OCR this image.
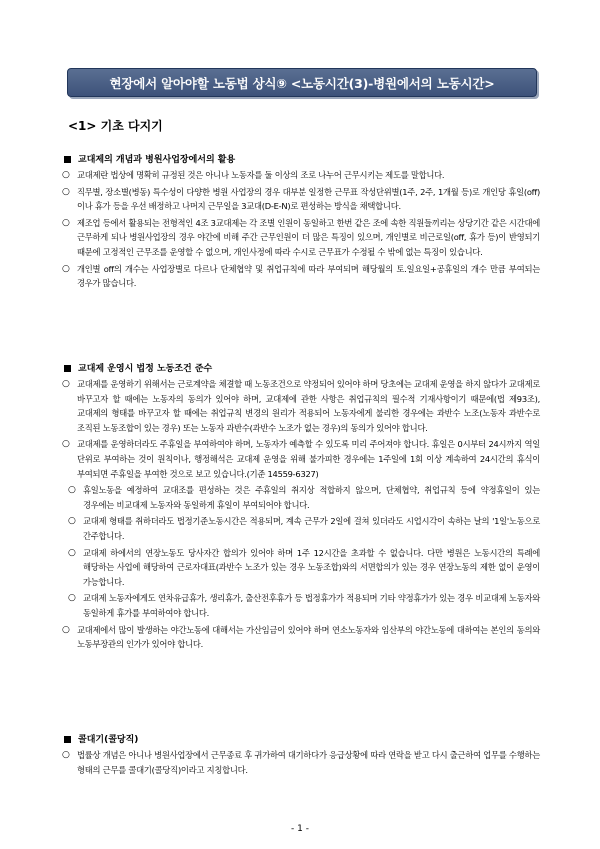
현장에서 알아야할 노동법 상식⑨ <노동시간(3)-병원에서의 노동시간>
<1> 기초 다지기
교대제의 개념과 병원사업장에서의 활용
○ 교대제란 법상에 명확히 규정된 것은 아니나 노동자를 둘 이상의 조로 나누어 근무시키는 제도를 말합니다.
○ 직무별, 장소별(병동) 특수성이 다양한 병원 사업장의 경우 대부분 일정한 근무표 작성단위별(1주, 2주, 1개월 등)로 개인당 휴일(off)이나 휴가 등을 우선 배정하고 나머지 근무일을 3교대(D-E-N)로 편성하는 방식을 채택합니다.
○ 제조업 등에서 활용되는 전형적인 4조 3교대제는 각 조별 인원이 동일하고 한번 같은 조에 속한 직원들끼리는 상당기간 같은 시간대에 근무하게 되나 병원사업장의 경우 야간에 비해 주간 근무인원이 더 많은 특징이 있으며, 개인별로 비근로일(off, 휴가 등)이 반영되기 때문에 고정적인 근무조를 운영할 수 없으며, 개인사정에 따라 수시로 근무표가 수정될 수 밖에 없는 특징이 있습니다.
○ 개인별 off의 개수는 사업장별로 다르나 단체협약 및 취업규칙에 따라 부여되며 해당월의 토.일요일+공휴일의 개수 만큼 부여되는 경우가 많습니다.
교대제 운영시 법정 노동조건 준수
○ 교대제를 운영하기 위해서는 근로계약을 체결할 때 노동조건으로 약정되어 있어야 하며 당초에는 교대제 운영을 하지 않다가 교대제로 바꾸고자 할 때에는 노동자의 동의가 있어야 하며, 교대제에 관한 사항은 취업규칙의 필수적 기재사항이기 때문에(법 제93조), 교대제의 형태를 바꾸고자 할 때에는 취업규칙 변경의 원리가 적용되어 노동자에게 불리한 경우에는 과반수 노조(노동자 과반수로 조직된 노동조합이 있는 경우) 또는 노동자 과반수(과반수 노조가 없는 경우)의 동의가 있어야 합니다.
○ 교대제를 운영하더라도 주휴일을 부여하여야 하며, 노동자가 예측할 수 있도록 미리 주어져야 합니다. 휴일은 0시부터 24시까지 역일 단위로 부여하는 것이 원칙이나, 행정해석은 교대제 운영을 위해 불가피한 경우에는 1주일에 1회 이상 계속하여 24시간의 휴식이 부여되면 주휴일을 부여한 것으로 보고 있습니다.(기준 14559-6327)
○ 휴일노동을 예정하여 교대조를 편성하는 것은 주휴일의 취지상 적합하지 않으며, 단체협약, 취업규칙 등에 약정휴일이 있는 경우에는 비교대제 노동자와 동일하게 휴일이 부여되어야 합니다.
○ 교대제 형태를 취하더라도 법정기준노동시간은 적용되며, 계속 근무가 2일에 걸쳐 있더라도 시업시각이 속하는 날의 '1일'노동으로 간주합니다.
○ 교대제 하에서의 연장노동도 당사자간 합의가 있어야 하며 1주 12시간을 초과할 수 없습니다. 다만 병원은 노동시간의 특례에 해당하는 사업에 해당하여 근로자대표(과반수 노조가 있는 경우 노동조합)와의 서면합의가 있는 경우 연장노동의 제한 없이 운영이 가능합니다.
○ 교대제 노동자에게도 연차유급휴가, 생리휴가, 출산전후휴가 등 법정휴가가 적용되며 기타 약정휴가가 있는 경우 비교대제 노동자와 동일하게 휴가를 부여하여야 합니다.
○ 교대제에서 많이 발생하는 야간노동에 대해서는 가산임금이 있어야 하며 연소노동자와 임산부의 야간노동에 대하여는 본인의 동의와 노동부장관의 인가가 있어야 합니다.
콜대기(콜당직)
○ 법률상 개념은 아니나 병원사업장에서 근무종료 후 귀가하여 대기하다가 응급상황에 따라 연락을 받고 다시 출근하여 업무를 수행하는 형태의 근무를 콜대기(콜당직)이라고 지칭합니다.
- 1 -
